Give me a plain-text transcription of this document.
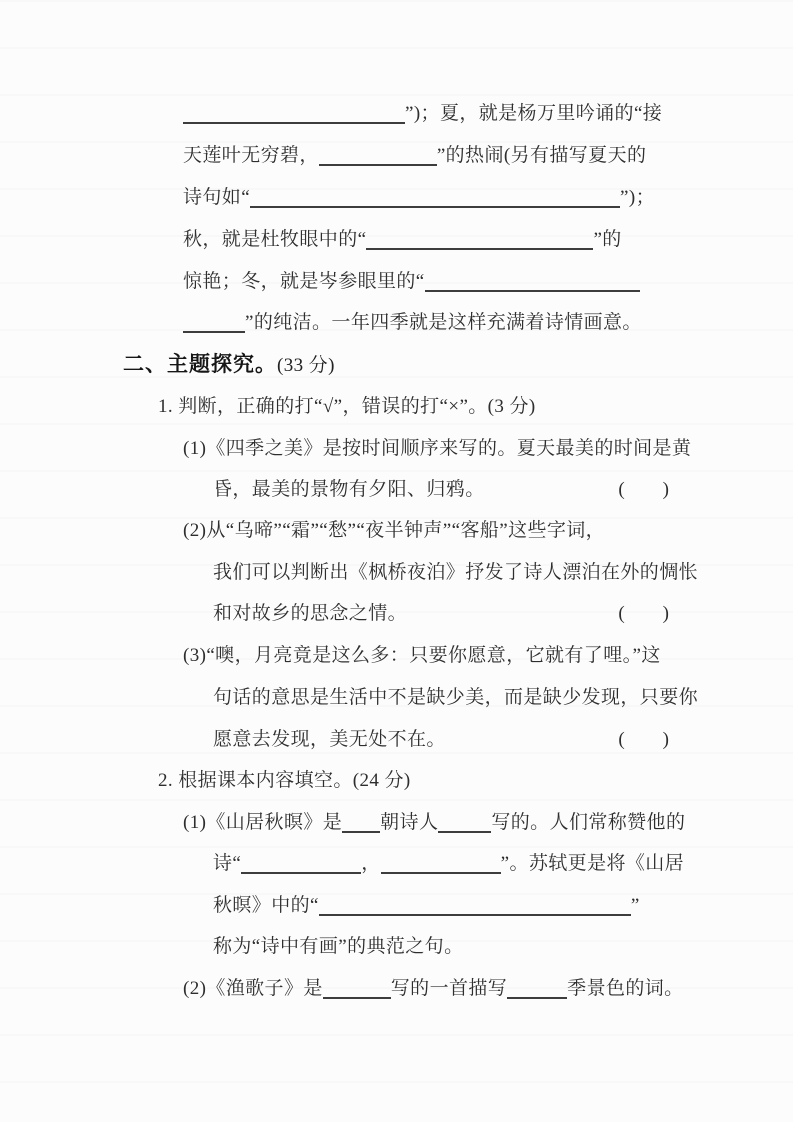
”)；夏，就是杨万里吟诵的“接
天莲叶无穷碧，	”的热闹(另有描写夏天的
诗句如“	”)；
秋，就是杜牧眼中的“	”的
惊艳；冬，就是岑参眼里的“
”的纯洁。一年四季就是这样充满着诗情画意。
二、主题探究。(33 分)
1. 判断，正确的打“√”，错误的打“×”。(3 分)
(1)《四季之美》是按时间顺序来写的。夏天最美的时间是黄
昏，最美的景物有夕阳、归鸦。	(　　)
(2)从“乌啼”“霜”“愁”“夜半钟声”“客船”这些字词，
我们可以判断出《枫桥夜泊》抒发了诗人漂泊在外的惆怅
和对故乡的思念之情。	(　　)
(3)“噢，月亮竟是这么多：只要你愿意，它就有了哩。”这
句话的意思是生活中不是缺少美，而是缺少发现，只要你
愿意去发现，美无处不在。	(　　)
2. 根据课本内容填空。(24 分)
(1)《山居秋暝》是 朝诗人	写的。人们常称赞他的
诗“	，	”。苏轼更是将《山居
秋暝》中的“	”
称为“诗中有画”的典范之句。
(2)《渔歌子》是	写的一首描写	季景色的词。
